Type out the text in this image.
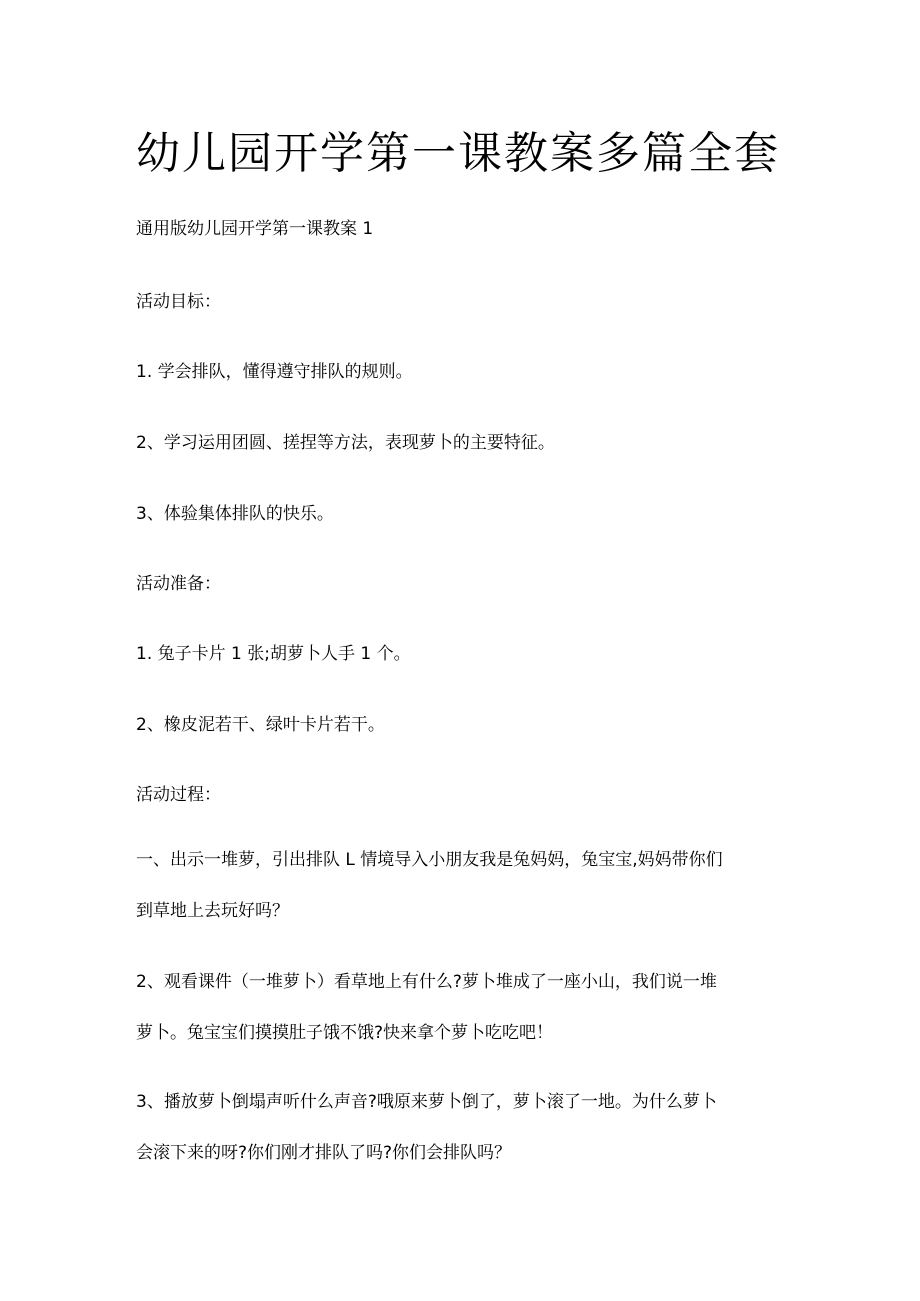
幼儿园开学第一课教案多篇全套

通用版幼儿园开学第一课教案 1

活动目标：

1. 学会排队，懂得遵守排队的规则。

2、学习运用团圆、搓捏等方法，表现萝卜的主要特征。

3、体验集体排队的快乐。

活动准备：

1. 兔子卡片 1 张;胡萝卜人手 1 个。

2、橡皮泥若干、绿叶卡片若干。

活动过程：

一、出示一堆萝，引出排队 L 情境导入小朋友我是兔妈妈，兔宝宝,妈妈带你们
到草地上去玩好吗？
2、观看课件（一堆萝卜）看草地上有什么?萝卜堆成了一座小山，我们说一堆
萝卜。兔宝宝们摸摸肚子饿不饿?快来拿个萝卜吃吃吧！
3、播放萝卜倒塌声听什么声音?哦原来萝卜倒了，萝卜滚了一地。为什么萝卜
会滚下来的呀?你们刚才排队了吗?你们会排队吗？
